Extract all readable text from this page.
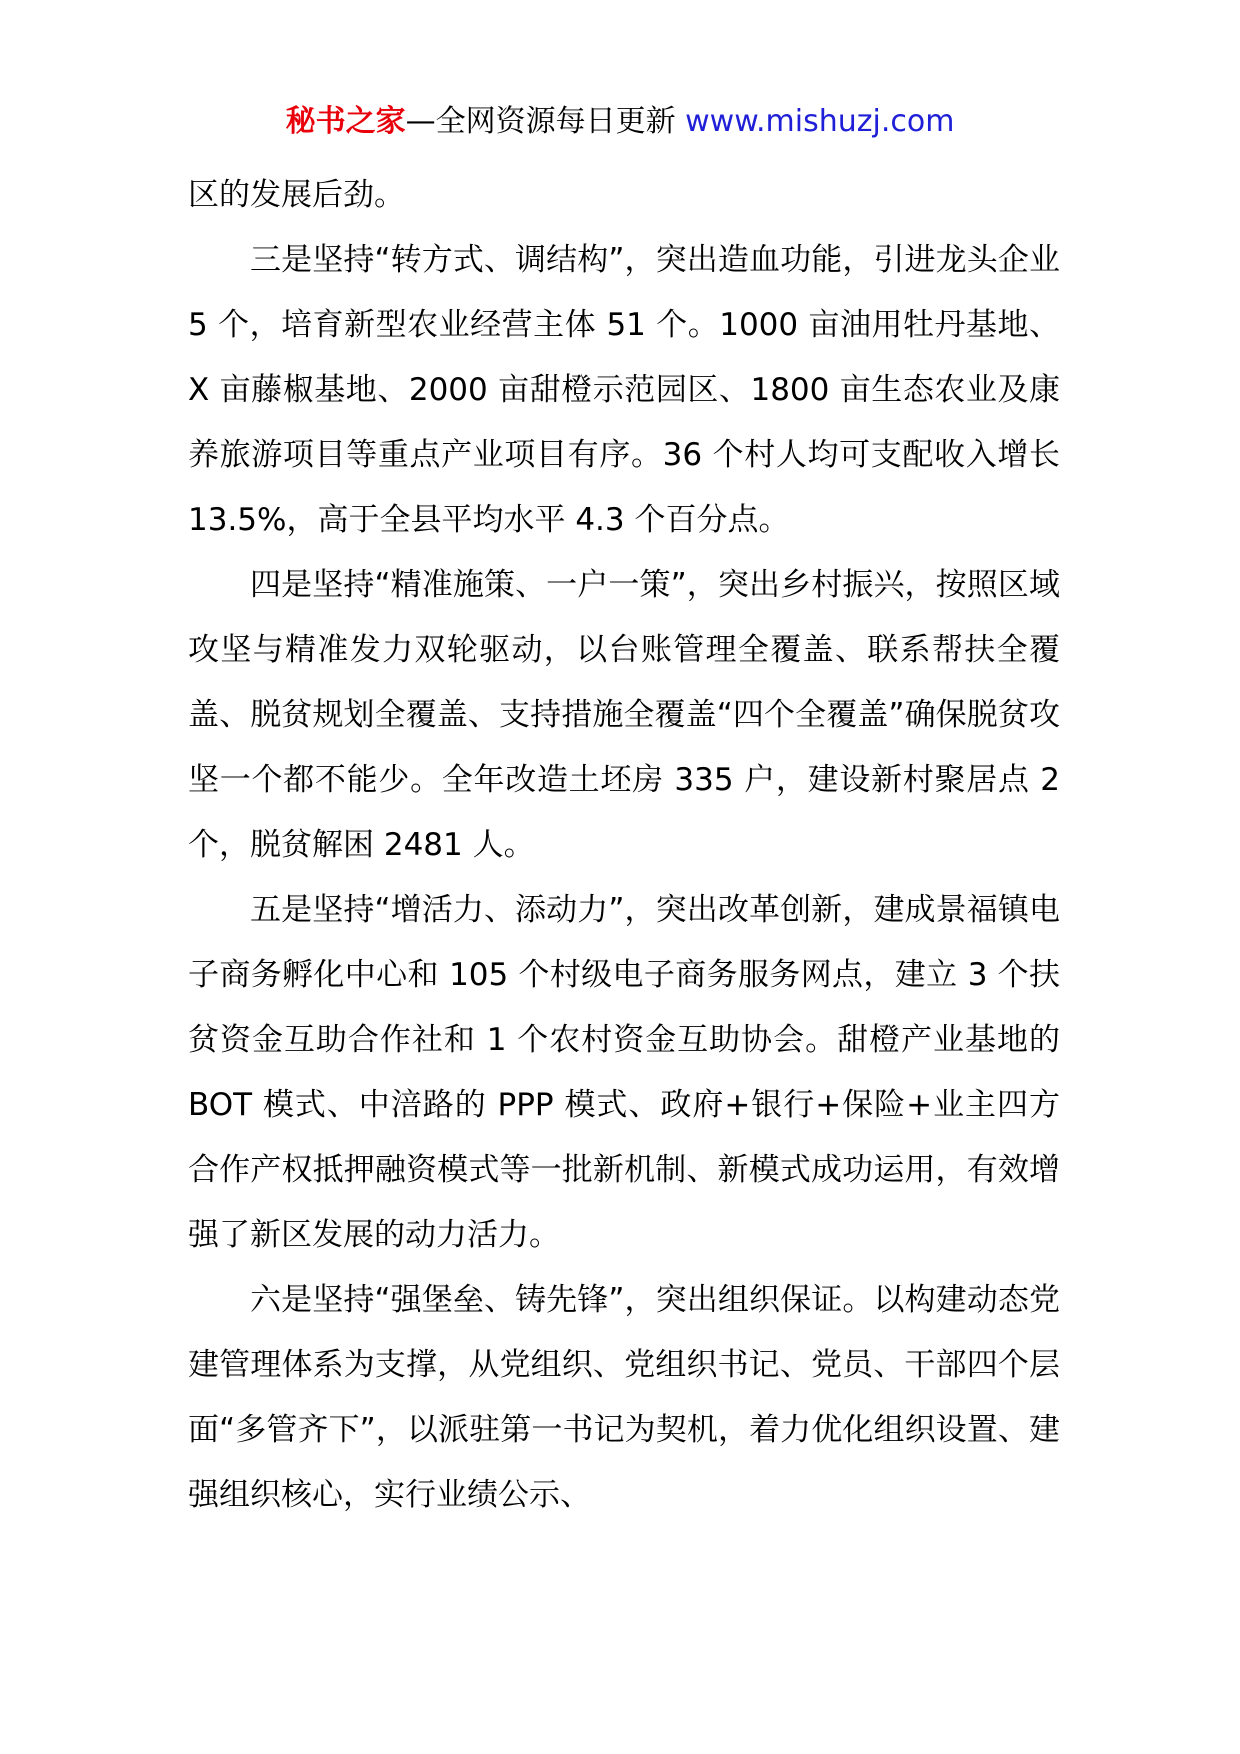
秘书之家—全网资源每日更新 www.mishuzj.com

区的发展后劲。

三是坚持“转方式、调结构”，突出造血功能，引进龙头企业 5 个，培育新型农业经营主体 51 个。1000 亩油用牡丹基地、X 亩藤椒基地、2000 亩甜橙示范园区、1800 亩生态农业及康养旅游项目等重点产业项目有序。36 个村人均可支配收入增长 13.5%，高于全县平均水平 4.3 个百分点。

四是坚持“精准施策、一户一策”，突出乡村振兴，按照区域攻坚与精准发力双轮驱动，以台账管理全覆盖、联系帮扶全覆盖、脱贫规划全覆盖、支持措施全覆盖“四个全覆盖”确保脱贫攻坚一个都不能少。全年改造土坯房 335 户，建设新村聚居点 2 个，脱贫解困 2481 人。

五是坚持“增活力、添动力”，突出改革创新，建成景福镇电子商务孵化中心和 105 个村级电子商务服务网点，建立 3 个扶贫资金互助合作社和 1 个农村资金互助协会。甜橙产业基地的 BOT 模式、中涪路的 PPP 模式、政府+银行+保险+业主四方合作产权抵押融资模式等一批新机制、新模式成功运用，有效增强了新区发展的动力活力。

六是坚持“强堡垒、铸先锋”，突出组织保证。以构建动态党建管理体系为支撑，从党组织、党组织书记、党员、干部四个层面“多管齐下”，以派驻第一书记为契机，着力优化组织设置、建强组织核心，实行业绩公示、
